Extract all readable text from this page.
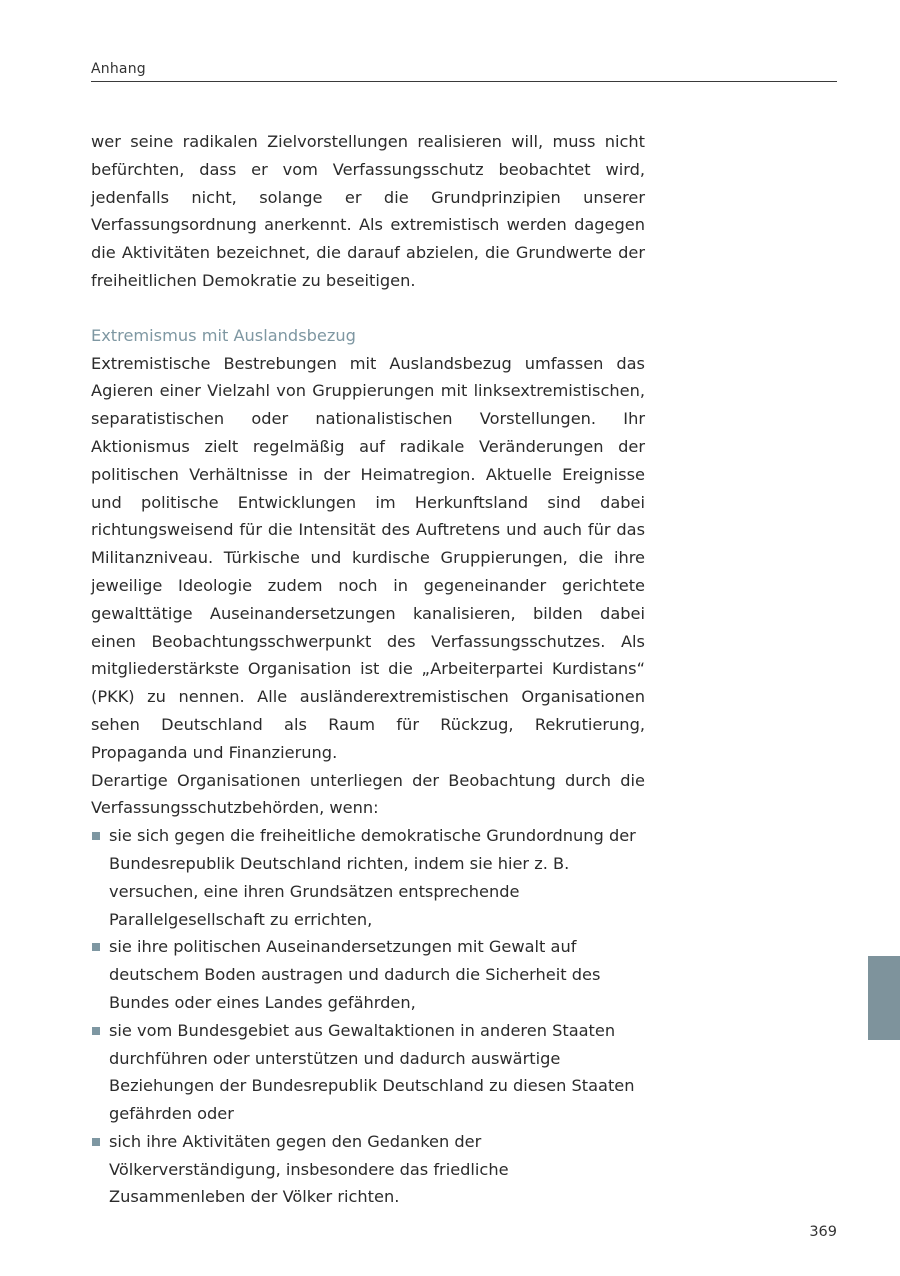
Anhang

wer seine radikalen Zielvorstellungen realisieren will, muss nicht befürchten, dass er vom Verfassungsschutz beobachtet wird, jedenfalls nicht, solange er die Grundprinzipien unserer Verfassungsordnung anerkennt. Als extremistisch werden dagegen die Aktivitäten bezeichnet, die darauf abzielen, die Grundwerte der freiheitlichen Demokratie zu beseitigen.

Extremismus mit Auslandsbezug

Extremistische Bestrebungen mit Auslandsbezug umfassen das Agieren einer Vielzahl von Gruppierungen mit linksextremistischen, separatistischen oder nationalistischen Vorstellungen. Ihr Aktionismus zielt regelmäßig auf radikale Veränderungen der politischen Verhältnisse in der Heimatregion. Aktuelle Ereignisse und politische Entwicklungen im Herkunftsland sind dabei richtungsweisend für die Intensität des Auftretens und auch für das Militanzniveau. Türkische und kurdische Gruppierungen, die ihre jeweilige Ideologie zudem noch in gegeneinander gerichtete gewalttätige Auseinandersetzungen kanalisieren, bilden dabei einen Beobachtungsschwerpunkt des Verfassungsschutzes. Als mitgliederstärkste Organisation ist die „Arbeiterpartei Kurdistans“ (PKK) zu nennen. Alle ausländerextremistischen Organisationen sehen Deutschland als Raum für Rückzug, Rekrutierung, Propaganda und Finanzierung.

Derartige Organisationen unterliegen der Beobachtung durch die Verfassungsschutzbehörden, wenn:

sie sich gegen die freiheitliche demokratische Grundordnung der Bundesrepublik Deutschland richten, indem sie hier z. B. versuchen, eine ihren Grundsätzen entsprechende Parallelgesellschaft zu errichten,
sie ihre politischen Auseinandersetzungen mit Gewalt auf deutschem Boden austragen und dadurch die Sicherheit des Bundes oder eines Landes gefährden,
sie vom Bundesgebiet aus Gewaltaktionen in anderen Staaten durchführen oder unterstützen und dadurch auswärtige Beziehungen der Bundesrepublik Deutschland zu diesen Staaten gefährden oder
sich ihre Aktivitäten gegen den Gedanken der Völkerverständigung, insbesondere das friedliche Zusammenleben der Völker richten.
369
